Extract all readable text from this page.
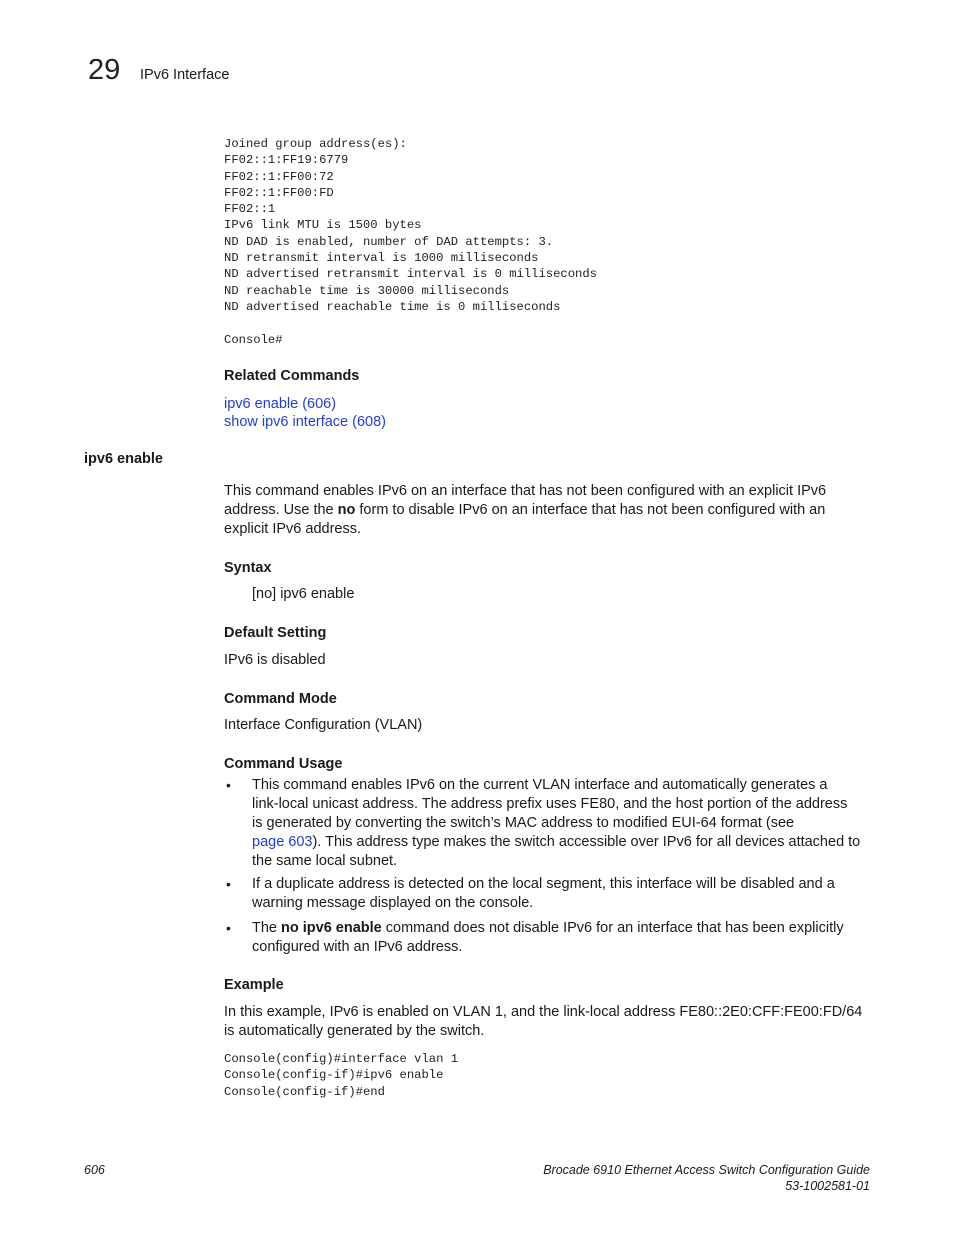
29 IPv6 Interface
Joined group address(es):
FF02::1:FF19:6779
FF02::1:FF00:72
FF02::1:FF00:FD
FF02::1
IPv6 link MTU is 1500 bytes
ND DAD is enabled, number of DAD attempts: 3.
ND retransmit interval is 1000 milliseconds
ND advertised retransmit interval is 0 milliseconds
ND reachable time is 30000 milliseconds
ND advertised reachable time is 0 milliseconds
Console#
Related Commands
ipv6 enable (606)
show ipv6 interface (608)
ipv6 enable
This command enables IPv6 on an interface that has not been configured with an explicit IPv6
address. Use the no form to disable IPv6 on an interface that has not been configured with an
explicit IPv6 address.
Syntax
[no] ipv6 enable
Default Setting
IPv6 is disabled
Command Mode
Interface Configuration (VLAN)
Command Usage
• This command enables IPv6 on the current VLAN interface and automatically generates a
link-local unicast address. The address prefix uses FE80, and the host portion of the address
is generated by converting the switch’s MAC address to modified EUI-64 format (see
page 603). This address type makes the switch accessible over IPv6 for all devices attached to
the same local subnet.
• If a duplicate address is detected on the local segment, this interface will be disabled and a
warning message displayed on the console.
• The no ipv6 enable command does not disable IPv6 for an interface that has been explicitly
configured with an IPv6 address.
Example
In this example, IPv6 is enabled on VLAN 1, and the link-local address FE80::2E0:CFF:FE00:FD/64
is automatically generated by the switch.
Console(config)#interface vlan 1
Console(config-if)#ipv6 enable
Console(config-if)#end
606	Brocade 6910 Ethernet Access Switch Configuration Guide
53-1002581-01
